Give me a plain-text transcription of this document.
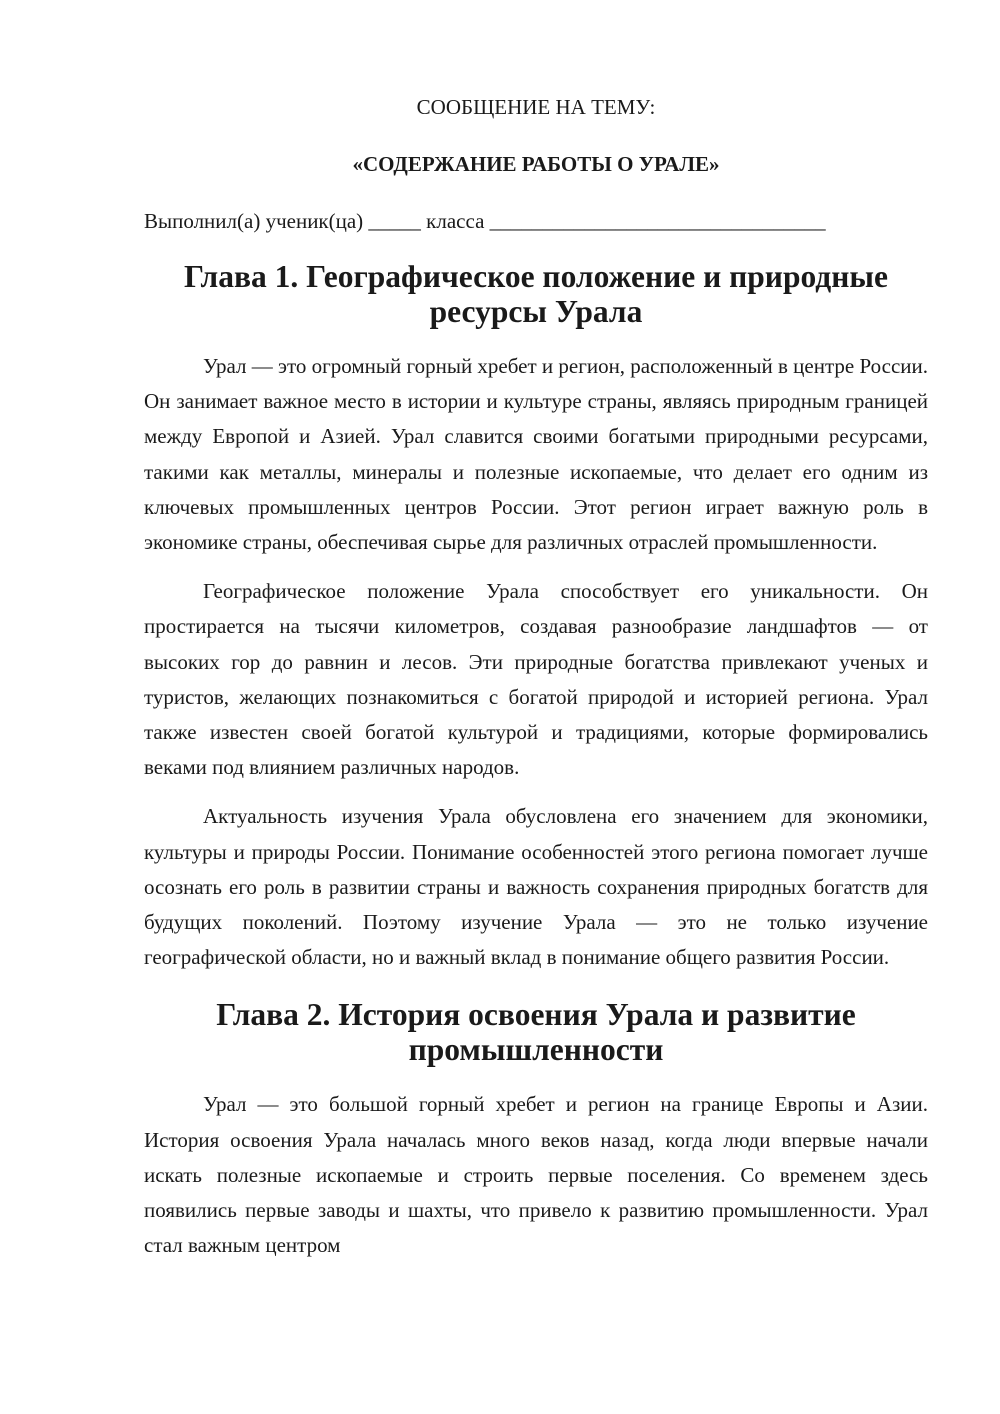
СООБЩЕНИЕ НА ТЕМУ:

«СОДЕРЖАНИЕ РАБОТЫ О УРАЛЕ»

Выполнил(а) ученик(ца) _____ класса ________________________________

Глава 1. Географическое положение и природные ресурсы Урала

Урал — это огромный горный хребет и регион, расположенный в центре России. Он занимает важное место в истории и культуре страны, являясь природным границей между Европой и Азией. Урал славится своими богатыми природными ресурсами, такими как металлы, минералы и полезные ископаемые, что делает его одним из ключевых промышленных центров России. Этот регион играет важную роль в экономике страны, обеспечивая сырье для различных отраслей промышленности.

Географическое положение Урала способствует его уникальности. Он простирается на тысячи километров, создавая разнообразие ландшафтов — от высоких гор до равнин и лесов. Эти природные богатства привлекают ученых и туристов, желающих познакомиться с богатой природой и историей региона. Урал также известен своей богатой культурой и традициями, которые формировались веками под влиянием различных народов.

Актуальность изучения Урала обусловлена его значением для экономики, культуры и природы России. Понимание особенностей этого региона помогает лучше осознать его роль в развитии страны и важность сохранения природных богатств для будущих поколений. Поэтому изучение Урала — это не только изучение географической области, но и важный вклад в понимание общего развития России.

Глава 2. История освоения Урала и развитие промышленности

Урал — это большой горный хребет и регион на границе Европы и Азии. История освоения Урала началась много веков назад, когда люди впервые начали искать полезные ископаемые и строить первые поселения. Со временем здесь появились первые заводы и шахты, что привело к развитию промышленности. Урал стал важным центром
